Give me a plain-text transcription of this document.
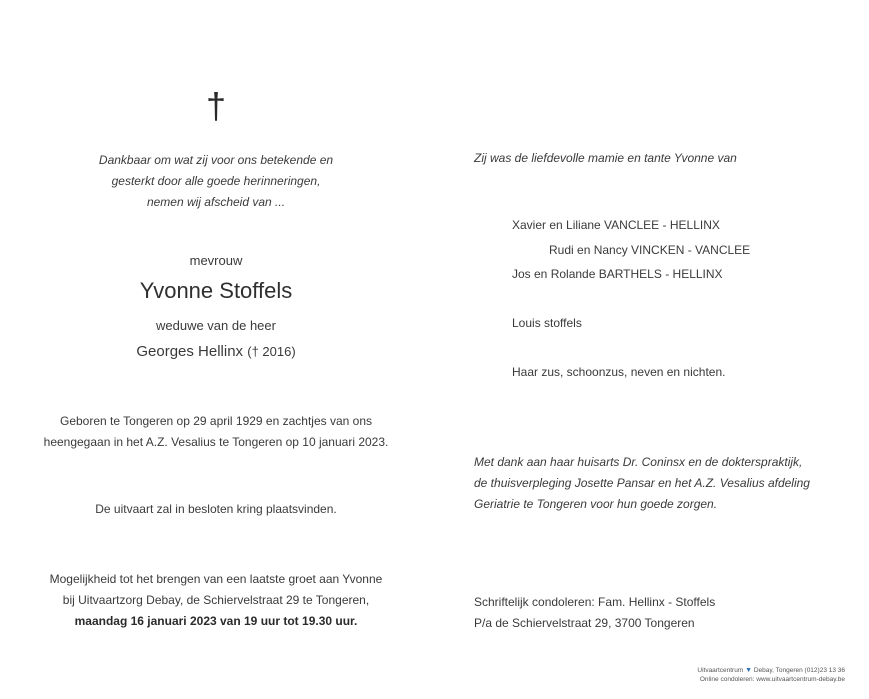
†
Dankbaar om wat zij voor ons betekende en
gesterkt door alle goede herinneringen,
nemen wij afscheid van ...
mevrouw
Yvonne Stoffels
weduwe van de heer
Georges Hellinx († 2016)
Geboren te Tongeren op 29 april 1929 en zachtjes van ons
heengegaan in het A.Z. Vesalius te Tongeren op 10 januari 2023.
De uitvaart zal in besloten kring plaatsvinden.
Mogelijkheid tot het brengen van een laatste groet aan Yvonne
bij Uitvaartzorg Debay, de Schiervelstraat 29 te Tongeren,
maandag 16 januari 2023 van 19 uur tot 19.30 uur.
Zij was de liefdevolle mamie en tante Yvonne van
Xavier en Liliane VANCLEE - HELLINX
Rudi en Nancy VINCKEN - VANCLEE
Jos en Rolande BARTHELS - HELLINX
Louis stoffels
Haar zus, schoonzus, neven en nichten.
Met dank aan haar huisarts Dr. Coninsx en de dokterspraktijk,
de thuisverpleging Josette Pansar en het A.Z. Vesalius afdeling
Geriatrie te Tongeren voor hun goede zorgen.
Schriftelijk condoleren: Fam. Hellinx - Stoffels
P/a de Schiervelstraat 29, 3700 Tongeren
Uitvaartcentrum ▼ Debay, Tongeren (012)23 13 36
Online condoleren: www.uitvaartcentrum-debay.be
